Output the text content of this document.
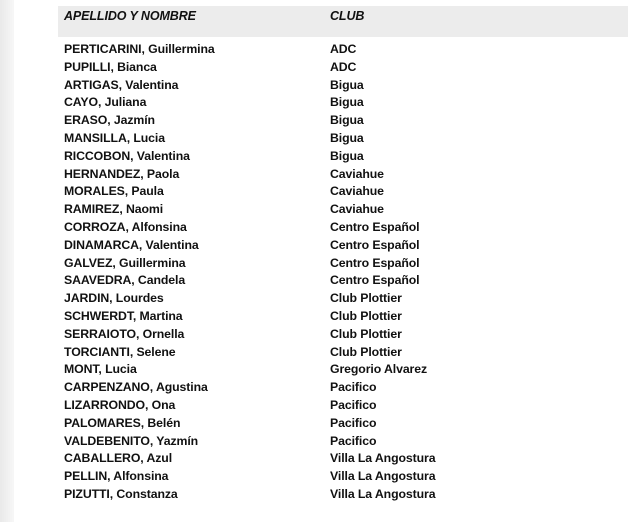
APELLIDO Y NOMBRE	CLUB
PERTICARINI, Guillermina	ADC
PUPILLI, Bianca	ADC
ARTIGAS, Valentina	Bigua
CAYO, Juliana	Bigua
ERASO, Jazmín	Bigua
MANSILLA, Lucia	Bigua
RICCOBON, Valentina	Bigua
HERNANDEZ, Paola	Caviahue
MORALES, Paula	Caviahue
RAMIREZ, Naomi	Caviahue
CORROZA, Alfonsina	Centro Español
DINAMARCA, Valentina	Centro Español
GALVEZ, Guillermina	Centro Español
SAAVEDRA, Candela	Centro Español
JARDIN, Lourdes	Club Plottier
SCHWERDT, Martina	Club Plottier
SERRAIOTO, Ornella	Club Plottier
TORCIANTI, Selene	Club Plottier
MONT, Lucia	Gregorio Alvarez
CARPENZANO, Agustina	Pacifico
LIZARRONDO, Ona	Pacifico
PALOMARES, Belén	Pacifico
VALDEBENITO, Yazmín	Pacifico
CABALLERO, Azul	Villa La Angostura
PELLIN, Alfonsina	Villa La Angostura
PIZUTTI, Constanza	Villa La Angostura
